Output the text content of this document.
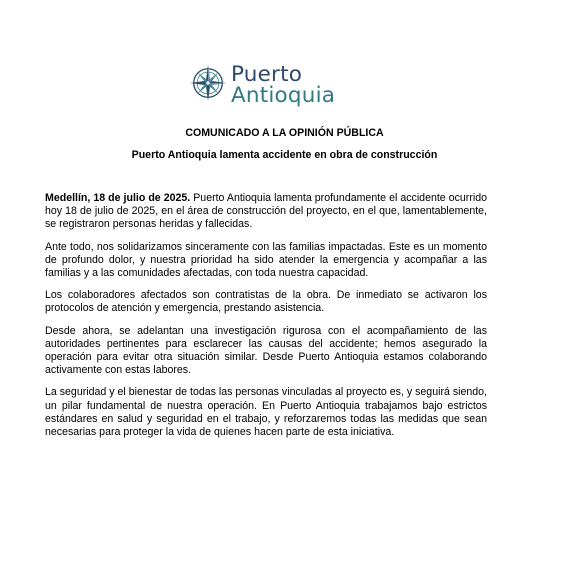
Puerto
Antioquia
COMUNICADO A LA OPINIÓN PÚBLICA
Puerto Antioquia lamenta accidente en obra de construcción

Medellín, 18 de julio de 2025. Puerto Antioquia lamenta profundamente el accidente ocurrido hoy 18 de julio de 2025, en el área de construcción del proyecto, en el que, lamentablemente, se registraron personas heridas y fallecidas.

Ante todo, nos solidarizamos sinceramente con las familias impactadas. Este es un momento de profundo dolor, y nuestra prioridad ha sido atender la emergencia y acompañar a las familias y a las comunidades afectadas, con toda nuestra capacidad.

Los colaboradores afectados son contratistas de la obra. De inmediato se activaron los protocolos de atención y emergencia, prestando asistencia.

Desde ahora, se adelantan una investigación rigurosa con el acompañamiento de las autoridades pertinentes para esclarecer las causas del accidente; hemos asegurado la operación para evitar otra situación similar. Desde Puerto Antioquia estamos colaborando activamente con estas labores.

La seguridad y el bienestar de todas las personas vinculadas al proyecto es, y seguirá siendo, un pilar fundamental de nuestra operación. En Puerto Antioquia trabajamos bajo estrictos estándares en salud y seguridad en el trabajo, y reforzaremos todas las medidas que sean necesarias para proteger la vida de quienes hacen parte de esta iniciativa.
